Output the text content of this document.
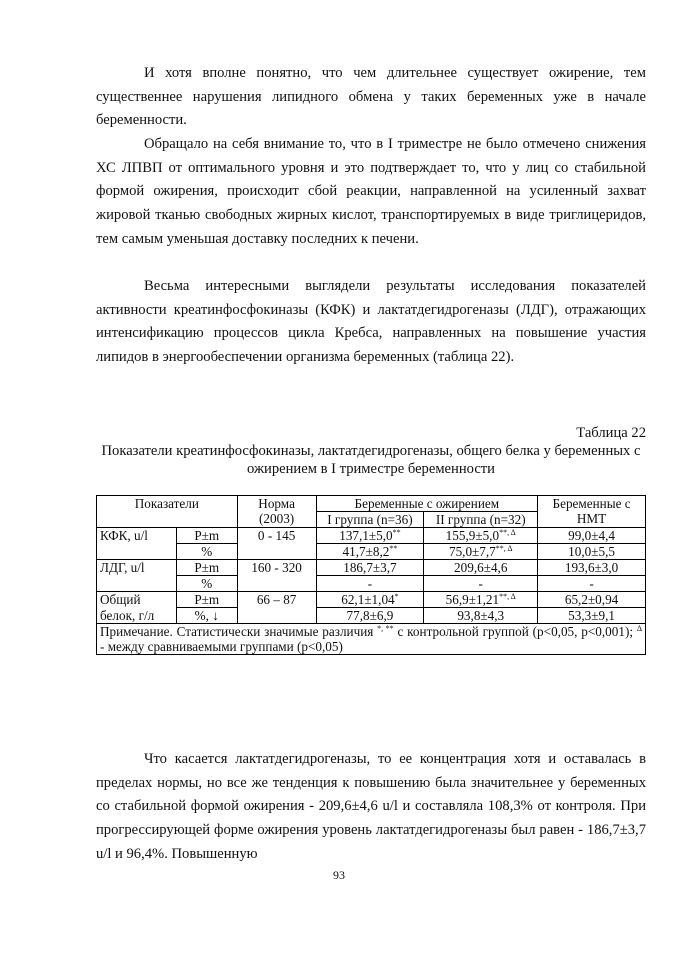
И хотя вполне понятно, что чем длительнее существует ожирение, тем существеннее нарушения липидного обмена у таких беременных уже в начале беременности.

Обращало на себя внимание то, что в I триместре не было отмечено снижения ХС ЛПВП от оптимального уровня и это подтверждает то, что у лиц со стабильной формой ожирения, происходит сбой реакции, направленной на усиленный захват жировой тканью свободных жирных кислот, транспортируемых в виде триглицеридов, тем самым уменьшая доставку последних к печени.

Весьма интересными выглядели результаты исследования показателей активности креатинфосфокиназы (КФК) и лактатдегидрогеназы (ЛДГ), отражающих интенсификацию процессов цикла Кребса, направленных на повышение участия липидов в энергообеспечении организма беременных (таблица 22).

Таблица 22
Показатели креатинфосфокиназы, лактатдегидрогеназы, общего белка у беременных с ожирением в I триместре беременности
Показатели		Норма (2003)	Беременные с ожирением		Беременные с НМТ
			I группа (n=36)	II группа (n=32)	

КФК, u/l	P±m	0 - 145	137,1±5,0**	$155,9\pm 5,0^{**, \Delta}$	99,0±4,4
	%		41,7±8,2**	$75,0\pm 7,7^{**, \Delta}$	10,0±5,5
ЛДГ, u/l	P±m	160 - 320	186,7±3,7	209,6±4,6	193,6±3,0
	%		-	-	-
Общий	P±m	66 – 87	62,1±1,04*	$56,9\pm 1,21^{**, \Delta}$	65,2±0,94
белок, г/л	%, ↓		77,8±6,9	93,8±4,3	53,3±9,1
Примечание. Статистически значимые различия *, ** с контрольной группой (p<0,05, p<0,001); $^\Delta$ - между сравниваемыми группами (p<0,05)					

Что касается лактатдегидрогеназы, то ее концентрация хотя и оставалась в пределах нормы, но все же тенденция к повышению была значительнее у беременных со стабильной формой ожирения - 209,6±4,6 u/l и составляла 108,3% от контроля. При прогрессирующей форме ожирения уровень лактатдегидрогеназы был равен - 186,7±3,7 u/l и 96,4%. Повышенную

93
